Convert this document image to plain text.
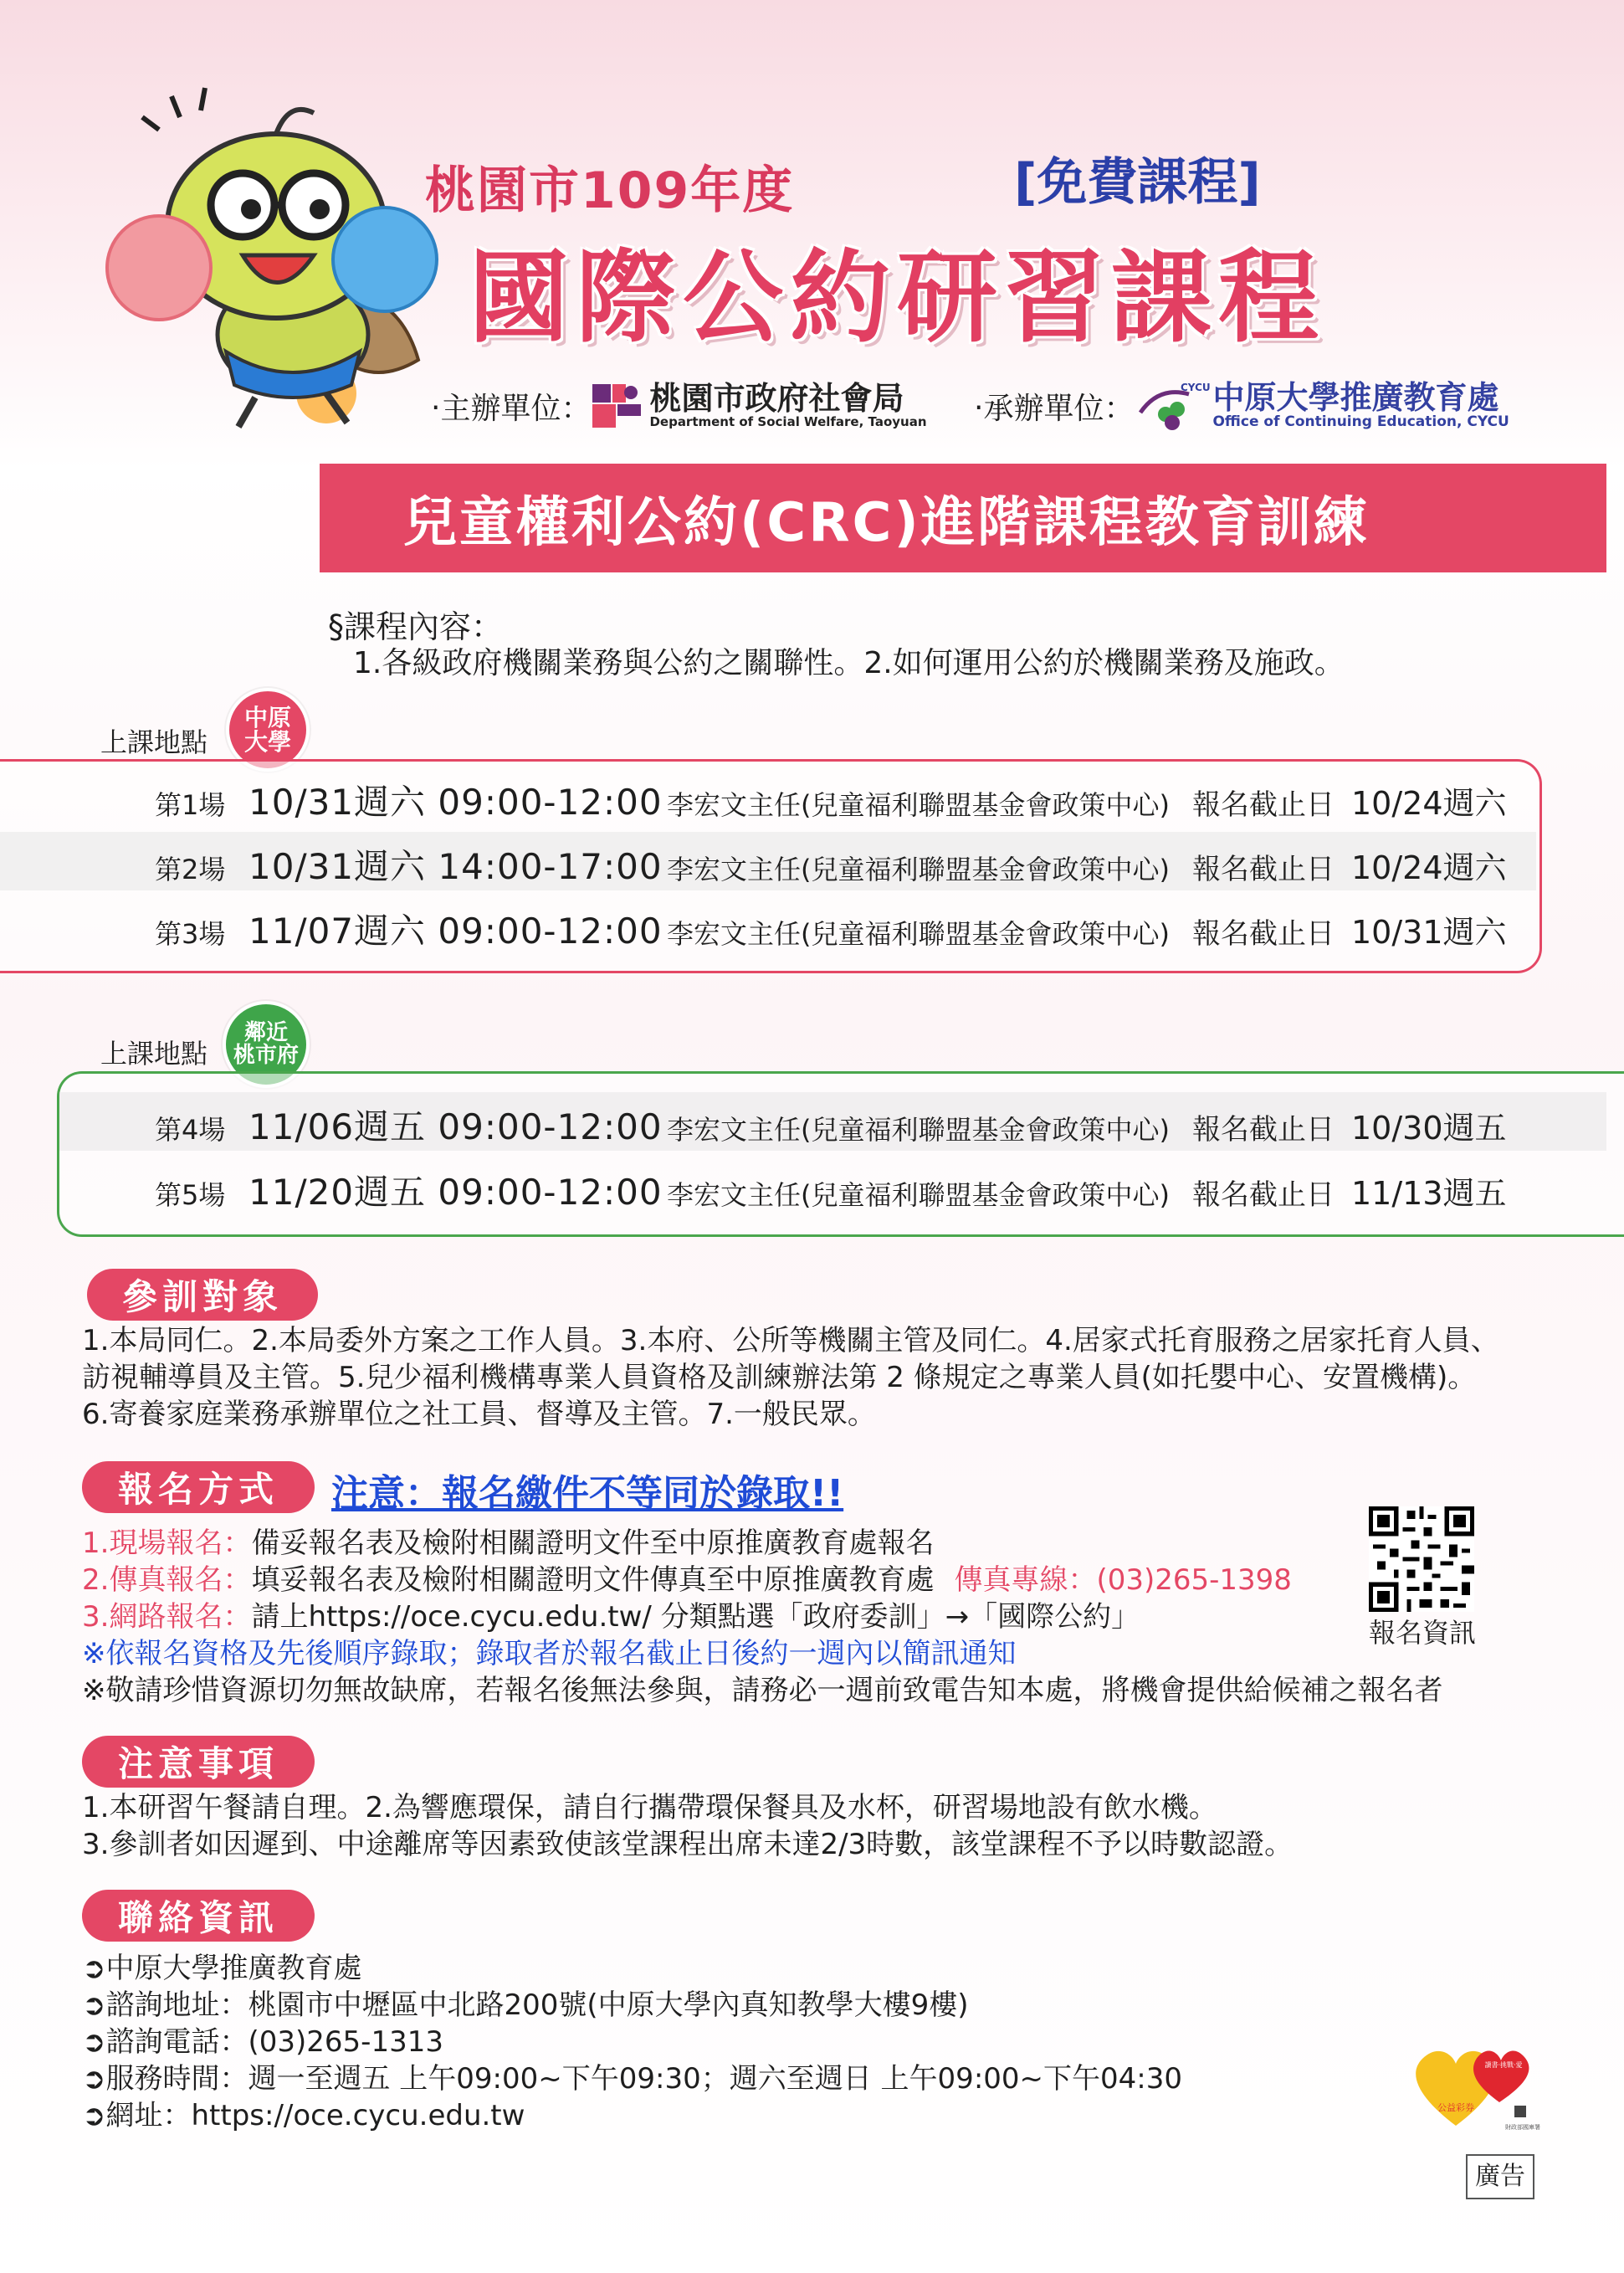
桃園市109年度	[免費課程]
國際公約研習課程
‧主辦單位： 桃園市政府社會局
Department of Social Welfare, Taoyuan ‧承辦單位：
CYCU 中原大學推廣教育處
Office of Continuing Education, CYCU
兒童權利公約(CRC)進階課程教育訓練
§課程內容：
1.各級政府機關業務與公約之關聯性。2.如何運用公約於機關業務及施政。
上課地點
中原
大學
第1場 10/31週六 09:00-12:00 李宏文主任(兒童福利聯盟基金會政策中心) 報名截止日 10/24週六
第2場 10/31週六 14:00-17:00 李宏文主任(兒童福利聯盟基金會政策中心) 報名截止日 10/24週六
第3場 11/07週六 09:00-12:00 李宏文主任(兒童福利聯盟基金會政策中心) 報名截止日 10/31週六
上課地點
鄰近
桃市府
第4場 11/06週五 09:00-12:00 李宏文主任(兒童福利聯盟基金會政策中心) 報名截止日 10/30週五
第5場 11/20週五 09:00-12:00 李宏文主任(兒童福利聯盟基金會政策中心) 報名截止日 11/13週五
參訓對象
1.本局同仁。2.本局委外方案之工作人員。3.本府、公所等機關主管及同仁。4.居家式托育服務之居家托育人員、
訪視輔導員及主管。5.兒少福利機構專業人員資格及訓練辦法第 2 條規定之專業人員(如托嬰中心、安置機構)。
6.寄養家庭業務承辦單位之社工員、督導及主管。7.一般民眾。
報名方式	注意：報名繳件不等同於錄取!!
1.現場報名：備妥報名表及檢附相關證明文件至中原推廣教育處報名
2.傳真報名：填妥報名表及檢附相關證明文件傳真至中原推廣教育處 傳真專線：(03)265-1398
3.網路報名：請上https://oce.cycu.edu.tw/ 分類點選「政府委訓」→「國際公約」
※依報名資格及先後順序錄取；錄取者於報名截止日後約一週內以簡訊通知
※敬請珍惜資源切勿無故缺席，若報名後無法參與，請務必一週前致電告知本處，將機會提供給候補之報名者
報名資訊
注意事項
1.本研習午餐請自理。2.為響應環保，請自行攜帶環保餐具及水杯，研習場地設有飲水機。
3.參訓者如因遲到、中途離席等因素致使該堂課程出席未達2/3時數，該堂課程不予以時數認證。
聯絡資訊
➲中原大學推廣教育處
➲諮詢地址：桃園市中壢區中北路200號(中原大學內真知教學大樓9樓)
➲諮詢電話：(03)265-1313
➲服務時間：週一至週五 上午09:00~下午09:30；週六至週日 上午09:00~下午04:30
➲網址：https://oce.cycu.edu.tw
讀書‧挑戰‧愛
公益彩券
財政部國庫署
廣告
